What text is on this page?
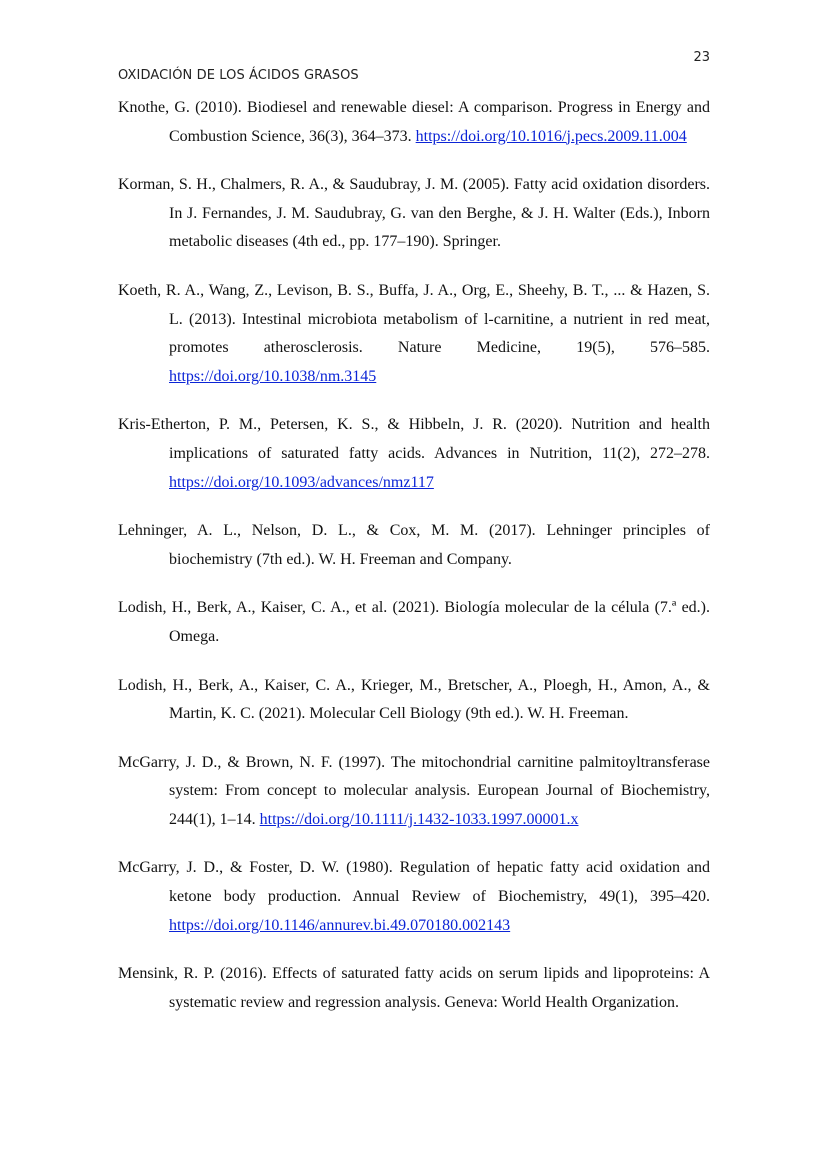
23
OXIDACIÓN DE LOS ÁCIDOS GRASOS

Knothe, G. (2010). Biodiesel and renewable diesel: A comparison. Progress in Energy and Combustion Science, 36(3), 364–373. https://doi.org/10.1016/j.pecs.2009.11.004

Korman, S. H., Chalmers, R. A., & Saudubray, J. M. (2005). Fatty acid oxidation disorders. In J. Fernandes, J. M. Saudubray, G. van den Berghe, & J. H. Walter (Eds.), Inborn metabolic diseases (4th ed., pp. 177–190). Springer.

Koeth, R. A., Wang, Z., Levison, B. S., Buffa, J. A., Org, E., Sheehy, B. T., ... & Hazen, S. L. (2013). Intestinal microbiota metabolism of l-carnitine, a nutrient in red meat, promotes atherosclerosis. Nature Medicine, 19(5), 576–585. https://doi.org/10.1038/nm.3145

Kris-Etherton, P. M., Petersen, K. S., & Hibbeln, J. R. (2020). Nutrition and health implications of saturated fatty acids. Advances in Nutrition, 11(2), 272–278. https://doi.org/10.1093/advances/nmz117

Lehninger, A. L., Nelson, D. L., & Cox, M. M. (2017). Lehninger principles of biochemistry (7th ed.). W. H. Freeman and Company.

Lodish, H., Berk, A., Kaiser, C. A., et al. (2021). Biología molecular de la célula (7.ª ed.). Omega.

Lodish, H., Berk, A., Kaiser, C. A., Krieger, M., Bretscher, A., Ploegh, H., Amon, A., & Martin, K. C. (2021). Molecular Cell Biology (9th ed.). W. H. Freeman.

McGarry, J. D., & Brown, N. F. (1997). The mitochondrial carnitine palmitoyltransferase system: From concept to molecular analysis. European Journal of Biochemistry, 244(1), 1–14. https://doi.org/10.1111/j.1432-1033.1997.00001.x

McGarry, J. D., & Foster, D. W. (1980). Regulation of hepatic fatty acid oxidation and ketone body production. Annual Review of Biochemistry, 49(1), 395–420. https://doi.org/10.1146/annurev.bi.49.070180.002143

Mensink, R. P. (2016). Effects of saturated fatty acids on serum lipids and lipoproteins: A systematic review and regression analysis. Geneva: World Health Organization.
